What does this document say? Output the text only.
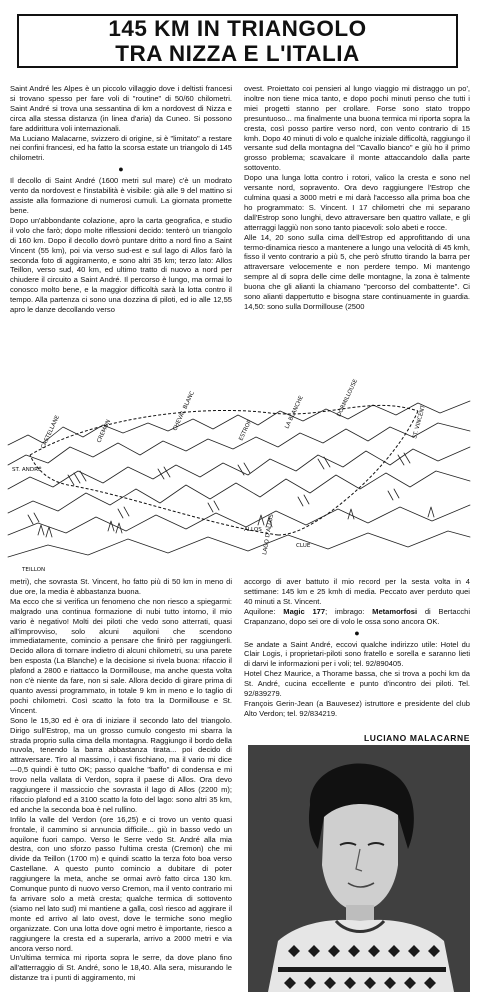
145 KM IN TRIANGOLO
TRA NIZZA E L'ITALIA

Saint André les Alpes è un piccolo villaggio dove i deltisti francesi si trovano spesso per fare voli di "routine" di 50/60 chilometri. Saint André si trova una sessantina di km a nordovest di Nizza e circa alla stessa distanza (in linea d'aria) da Cuneo. Si possono fare addirittura voli internazionali.

Ma Luciano Malacarne, svizzero di origine, si è "limitato" a restare nei confini francesi, ed ha fatto la scorsa estate un triangolo di 145 chilometri.

●

Il decollo di Saint André (1600 metri sul mare) c'è un modrato vento da nordovest e l'instabilità è visibile: già alle 9 del mattino si assiste alla formazione di numerosi cumuli. La giornata promette bene.

Dopo un'abbondante colazione, apro la carta geografica, e studio il volo che farò; dopo molte riflessioni decido: tenterò un triangolo di 160 km. Dopo il decollo dovrò puntare dritto a nord fino a Saint Vincent (55 km), poi via verso sud-est e sul lago di Allos farò la seconda foto di aggiramento, e sono altri 35 km; terzo lato: Allos Teillon, verso sud, 40 km, ed ultimo tratto di nuovo a nord per chiudere il circuito a Saint André. Il percorso è lungo, ma ormai lo conosco molto bene, e la maggior difficoltà sarà la lotta contro il tempo. Alla partenza ci sono una dozzina di piloti, ed io alle 12,55 apro le danze decollando verso

ovest. Proiettato coi pensieri al lungo viaggio mi distraggo un po', inoltre non tiene mica tanto, e dopo pochi minuti penso che tutti i miei progetti stanno per crollare. Forse sono stato troppo presuntuoso... ma finalmente una buona termica mi riporta sopra la cresta, così posso partire verso nord, con vento contrario di 15 kmh. Dopo 40 minuti di volo e qualche iniziale difficoltà, raggiungo il versante sud della montagna del "Cavallo bianco" e giù ho il primo grosso problema; scavalcare il monte attaccandolo dalla parte sottovento.

Dopo una lunga lotta contro i rotori, valico la cresta e sono nel versante nord, sopravento. Ora devo raggiungere l'Estrop che culmina quasi a 3000 metri e mi darà l'accesso alla prima boa che ho programmato: S. Vincent. I 17 chilometri che mi separano dall'Estrop sono lunghi, devo attraversare ben quattro vallate, e gli atterraggi laggiù non sono tanto piacevoli: solo abeti e rocce.

Alle 14, 20 sono sulla cima dell'Estrop ed approfittando di una termo-dinamica riesco a mantenere a lungo una velocità di 45 kmh, fisso il vento contrario a più 5, che però sfrutto tirando la barra per attraversare velocemente e non perdere tempo. Mi mantengo sempre al di sopra delle cime delle montagne, la zona è talmente buona che gli alianti la chiamano "percorso del combattente". Ci sono alianti dappertutto e bisogna stare continuamente in guardia. 14,50: sono sulla Dormillouse (2500

ST. ANDRÉ
CASTELLANE
TEILLON
CREMON	CHEVAL BLANC	ESTROP
LA BLANCHE	DORMILLOUSE
ST. VINCENT
ALLOS LAGO D'ALLOS	CLUE

metri), che sovrasta St. Vincent, ho fatto più di 50 km in meno di due ore, la media è abbastanza buona.

Ma ecco che si verifica un fenomeno che non riesco a spiegarmi: malgrado una continua formazione di nubi tutto intorno, il mio vario è negativo! Molti dei piloti che vedo sono atterrati, quasi all'improvviso, solo alcuni aquiloni che scendono immediatamente, comincio a pensare che finirò per raggiungerli. Decido allora di tornare indietro di alcuni chilometri, su una parete ben esposta (La Blanche) e la decisione si rivela buona: rifaccio il plafond a 2800 e riattacco la Dormillouse, ma anche questa volta non c'è niente da fare, non si sale. Allora decido di girare prima di quanto avessi programmato, in totale 9 km in meno e lo taglio di pochi chilometri. Così scatto la foto tra la Dormillouse e St. Vincent.

Sono le 15,30 ed è ora di iniziare il secondo lato del triangolo. Dirigo sull'Estrop, ma un grosso cumulo congesto mi sbarra la strada proprio sulla cima della montagna. Raggiungo il bordo della nuvola, tenendo la barra abbastanza tirata... poi decido di attraversare. Tiro al massimo, i cavi fischiano, ma il vario mi dice —0,5 quindi è tutto OK; passo qualche "baffo" di condensa e mi trovo nella vallata di Verdon, sopra il paese di Allos. Ora devo raggiungere il massiccio che sovrasta il lago di Allos (2200 m); rifaccio plafond ed a 3100 scatto la foto del lago: sono altri 35 km, ed anche la seconda boa è nel rullino.

Infilo la valle del Verdon (ore 16,25) e ci trovo un vento quasi frontale, il cammino si annuncia difficile... giù in basso vedo un aquilone fuori campo. Verso le Serre vedo St. André alla mia destra, con uno sforzo passo l'ultima cresta (Cremon) che mi divide da Teillon (1700 m) e quindi scatto la terza foto boa verso Castellane. A questo punto comincio a dubitare di poter raggiungere la meta, anche se ormai avrò fatto circa 130 km. Comunque punto di nuovo verso Cremon, ma il vento contrario mi fa arrivare solo a metà cresta; qualche termica di sottovento (siamo nel lato sud) mi mantiene a galla, così riesco ad aggirare il monte ed arrivo al lato ovest, dove le termiche sono meglio organizzate. Con una lotta dove ogni metro è importante, riesco a raggiungere la cresta ed a superarla, arrivo a 2000 metri e via ancora verso nord.

Un'ultima termica mi riporta sopra le serre, da dove plano fino all'atterraggio di St. André, sono le 18,40. Alla sera, misurando le distanze tra i punti di aggiramento, mi

accorgo di aver battuto il mio record per la sesta volta in 4 settimane: 145 km e 25 kmh di media. Peccato aver perduto quei 40 minuti a St. Vincent.

Aquilone: Magic 177; imbrago: Metamorfosi di Bertacchi Crapanzano, dopo sei ore di volo le ossa sono ancora OK.

●

Se andate a Saint André, eccovi qualche indirizzo utile: Hotel du Clair Logis, i proprietari-piloti sono fratello e sorella e saranno lieti di darvi le informazioni per i voli; tel. 92/890405.

Hotel Chez Maurice, a Thorame bassa, che si trova a pochi km da St. André, cucina eccellente e punto d'incontro dei piloti. Tel. 92/839279.

François Gerin-Jean (a Bauvesez) istruttore e presidente del club Alto Verdon; tel. 92/834219.

LUCIANO MALACARNE
